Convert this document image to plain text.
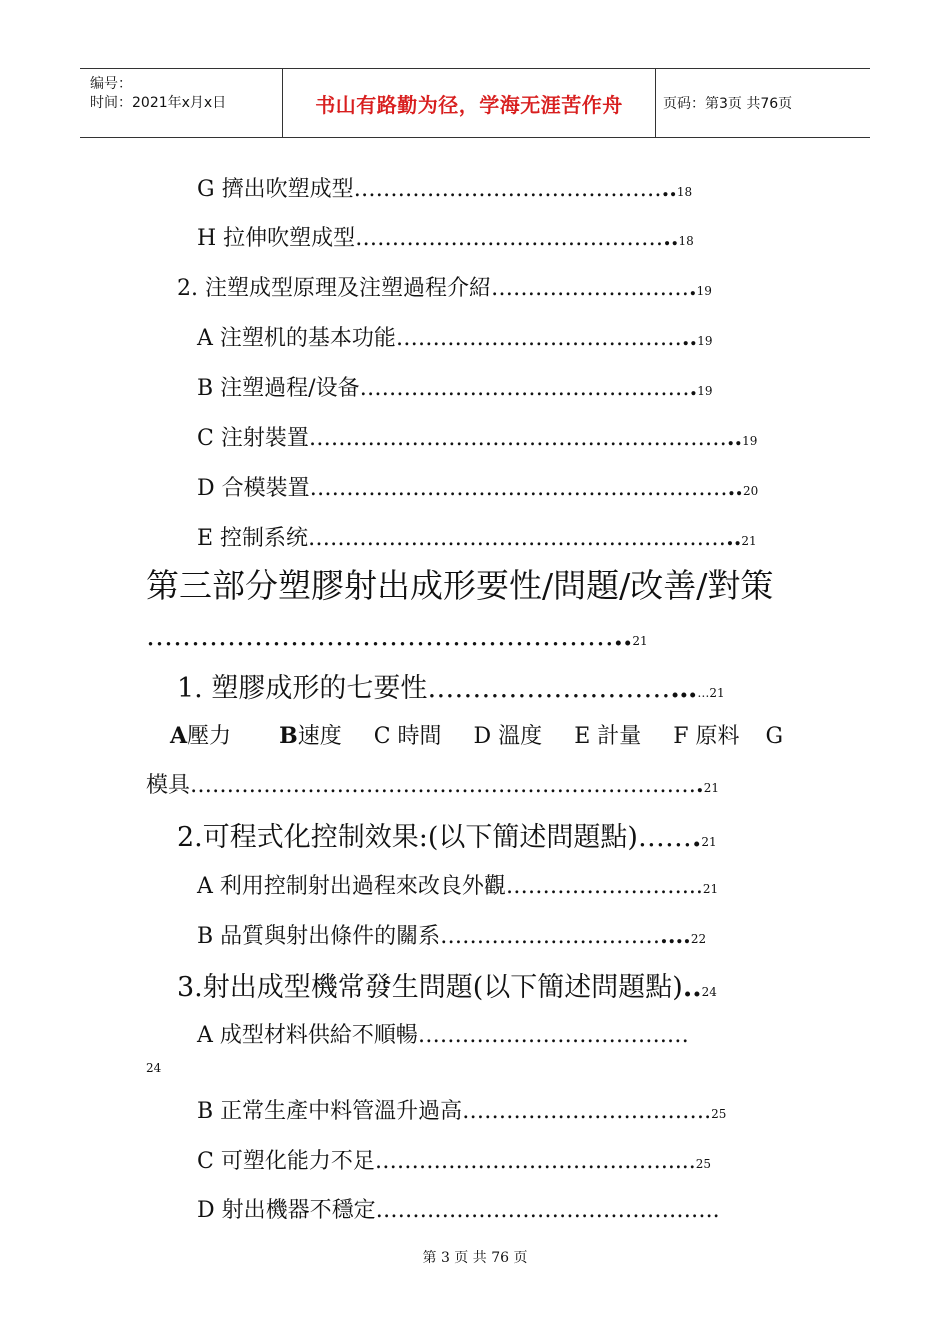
编号：
时间：2021年x月x日	书山有路勤为径，学海无涯苦作舟	页码：第3页 共76页
G 擠出吹塑成型……………………………………..18
H 拉伸吹塑成型……………………………………..18
2. 注塑成型原理及注塑過程介紹……………………….19
A 注塑机的基本功能…………………………………..19
B 注塑過程/设备……………………………………….19
C 注射裝置…………………………………………………..19
D 合模裝置…………………………………………………..20
E 控制系统…………………………………………………..21
第三部分塑膠射出成形要性/問題/改善/對策
……………………………………………...21
1. 塑膠成形的七要性……………………………21
A壓力 B速度 C 時間 D 溫度 E 計量 F 原料 G
模具…………………………………………………………….21
2.可程式化控制效果:(以下簡述問題點)…….21
A 利用控制射出過程來改良外觀……………………...21
B 品質與射出條件的關系…………………………....22
3.射出成型機常發生問題(以下簡述問題點)..24
A 成型材料供給不順暢…………………………….…
24
B 正常生產中料管溫升過高…………………………….25
C 可塑化能力不足………………………………….....25
D 射出機器不穩定………………………………………..
第 3 页 共 76 页
